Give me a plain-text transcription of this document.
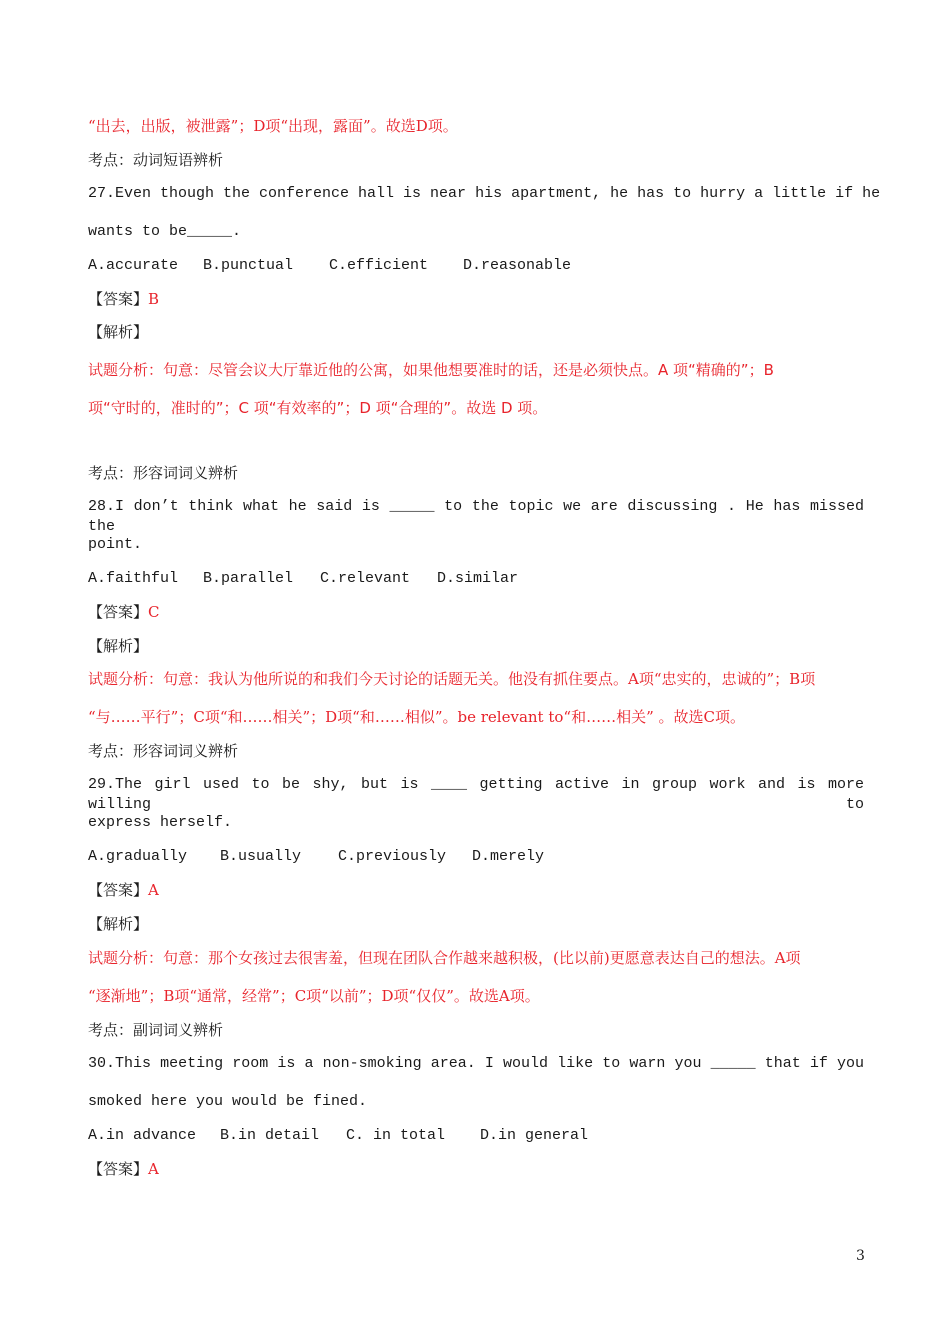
“出去，出版，被泄露”；D项“出现，露面”。故选D项。
考点：动词短语辨析
27.Even though the conference hall is near his apartment, he has to hurry a little if he
wants to be_____.
A.accurate B.punctual C.efficient D.reasonable
【答案】B
【解析】
试题分析：句意：尽管会议大厅靠近他的公寓，如果他想要准时的话，还是必须快点。A 项“精确的”；B
项“守时的，准时的”；C 项“有效率的”；D 项“合理的”。故选 D 项。
考点：形容词词义辨析
28.I don’t think what he said is _____ to the topic we are discussing . He has missed the
point.
A.faithful B.parallel C.relevant D.similar
【答案】C
【解析】
试题分析：句意：我认为他所说的和我们今天讨论的话题无关。他没有抓住要点。A项“忠实的，忠诚的”；B项
“与……平行”；C项“和……相关”；D项“和……相似”。be relevant to“和……相关” 。故选C项。
考点：形容词词义辨析
29.The girl used to be shy, but is ____ getting active in group work and is more willing to
express herself.
A.gradually B.usually C.previously D.merely
【答案】A
【解析】
试题分析：句意：那个女孩过去很害羞，但现在团队合作越来越积极，(比以前)更愿意表达自己的想法。A项
“逐渐地”；B项“通常，经常”；C项“以前”；D项“仅仅”。故选A项。
考点：副词词义辨析
30.This meeting room is a non-smoking area. I would like to warn you _____ that if you
smoked here you would be fined.
A.in advance B.in detail C. in total D.in general
【答案】A
3
